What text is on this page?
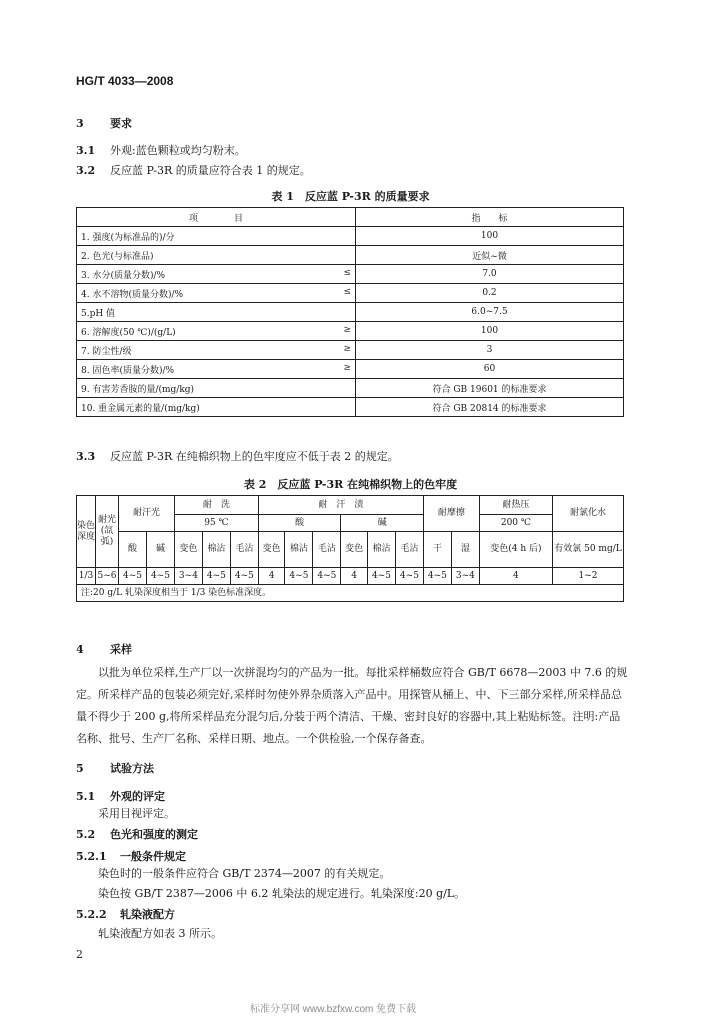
HG/T 4033—2008
3 要求
3.1 外观:蓝色颗粒或均匀粉末。
3.2 反应蓝 P-3R 的质量应符合表 1 的规定。
表 1　反应蓝 P-3R 的质量要求
项　　　　目	指　　标
1. 强度(为标准品的)/分	100
2. 色光(与标准品)	近似~微
3. 水分(质量分数)/% ≤	7.0
4. 水不溶物(质量分数)/% ≤	0.2
5.pH 值	6.0~7.5
6. 溶解度(50 ℃)/(g/L) ≥	100
7. 防尘性/级 ≥	3
8. 固色率(质量分数)/% ≥	60
9. 有害芳香胺的量/(mg/kg)	符合 GB 19601 的标准要求
10. 重金属元素的量/(mg/kg)	符合 GB 20814 的标准要求
3.3 反应蓝 P-3R 在纯棉织物上的色牢度应不低于表 2 的规定。
表 2　反应蓝 P-3R 在纯棉织物上的色牢度
染色深度	耐光(氙弧)	耐汗光		耐　洗			耐　汗　渍						耐摩擦		耐热压	耐氯化水
				95 ℃			酸			碱					200 ℃	
		酸	碱	变色	棉沾	毛沾	变色	棉沾	毛沾	变色	棉沾	毛沾	干	湿	变色(4 h 后)	有效氯 50 mg/L
1/3	5~6	4~5	4~5	3~4	4~5	4~5	4	4~5	4~5	4	4~5	4~5	4~5	3~4	4	1~2
注:20 g/L 轧染深度相当于 1/3 染色标准深度。																
4 采样
以批为单位采样,生产厂以一次拼混均匀的产品为一批。每批采样桶数应符合 GB/T 6678—2003 中 7.6 的规定。所采样产品的包装必须完好,采样时勿使外界杂质落入产品中。用探管从桶上、中、下三部分采样,所采样品总量不得少于 200 g,将所采样品充分混匀后,分装于两个清洁、干燥、密封良好的容器中,其上粘贴标签。注明:产品名称、批号、生产厂名称、采样日期、地点。一个供检验,一个保存备查。
5 试验方法
5.1 外观的评定
采用目视评定。
5.2 色光和强度的测定
5.2.1 一般条件规定
染色时的一般条件应符合 GB/T 2374—2007 的有关规定。
染色按 GB/T 2387—2006 中 6.2 轧染法的规定进行。轧染深度:20 g/L。
5.2.2 轧染液配方
轧染液配方如表 3 所示。
2
标准分享网 www.bzfxw.com 免费下载
